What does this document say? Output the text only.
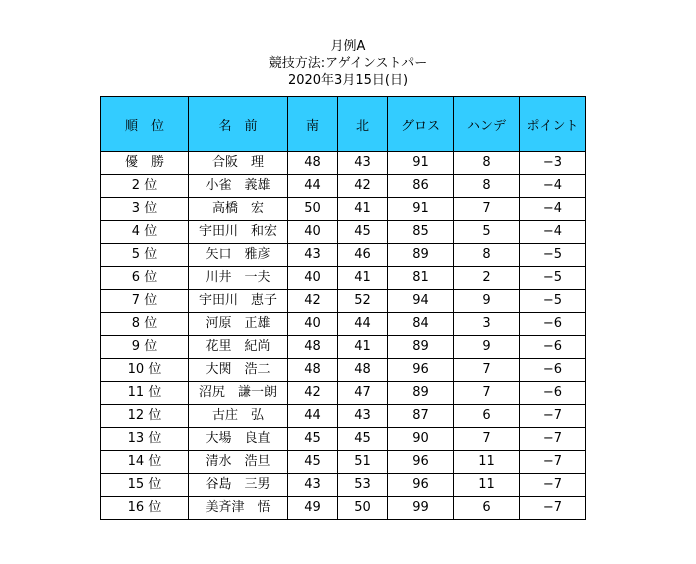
月例A
競技方法:アゲインストパー
2020年3月15日(日)
順　位	名　前	南	北	グロス	ハンデ	ポイント
優　勝	合阪　理	48	43	91	8	−3
2 位	小雀　義雄	44	42	86	8	−4
3 位	高橋　宏	50	41	91	7	−4
4 位	宇田川　和宏	40	45	85	5	−4
5 位	矢口　雅彦	43	46	89	8	−5
6 位	川井　一夫	40	41	81	2	−5
7 位	宇田川　恵子	42	52	94	9	−5
8 位	河原　正雄	40	44	84	3	−6
9 位	花里　紀尚	48	41	89	9	−6
10 位	大関　浩二	48	48	96	7	−6
11 位	沼尻　謙一朗	42	47	89	7	−6
12 位	古庄　弘	44	43	87	6	−7
13 位	大場　良直	45	45	90	7	−7
14 位	清水　浩旦	45	51	96	11	−7
15 位	谷島　三男	43	53	96	11	−7
16 位	美斉津　悟	49	50	99	6	−7
